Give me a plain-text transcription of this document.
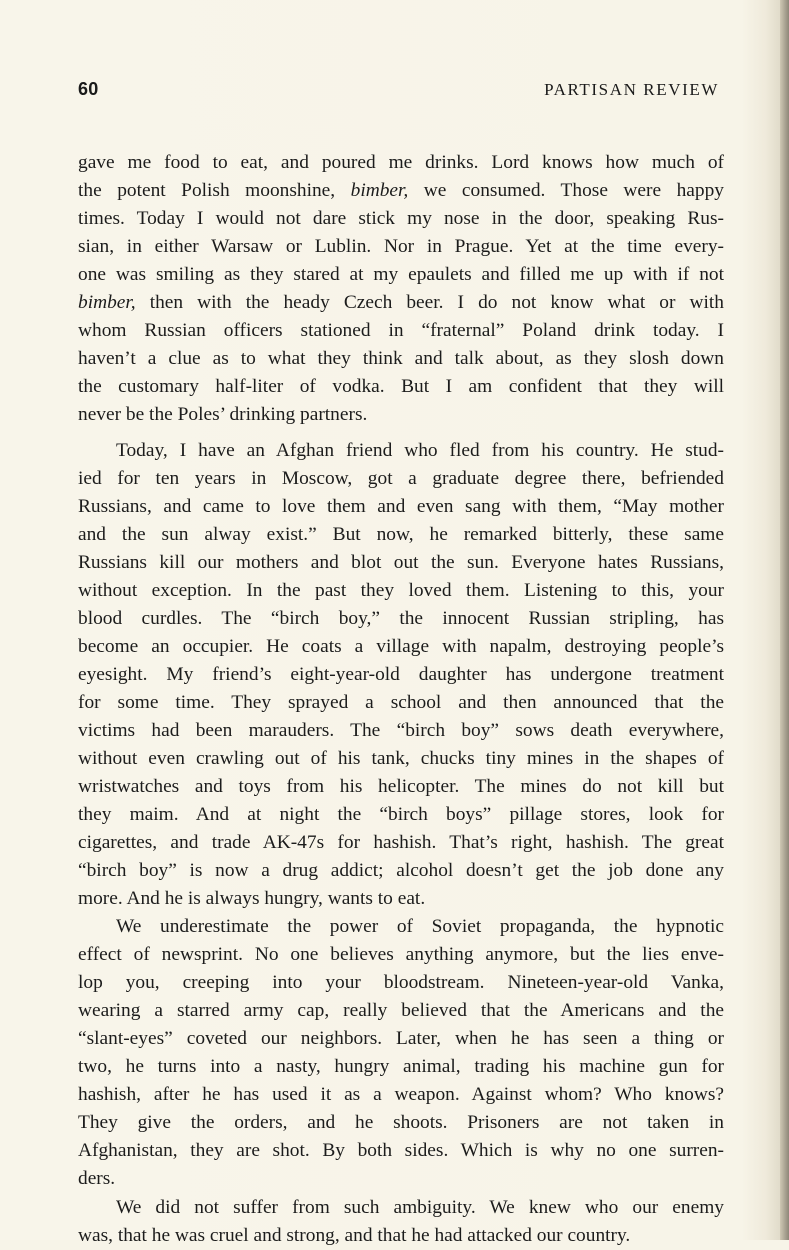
60	PARTISAN REVIEW
gave me food to eat, and poured me drinks. Lord knows how much of
the potent Polish moonshine, bimber, we consumed. Those were happy
times. Today I would not dare stick my nose in the door, speaking Rus-
sian, in either Warsaw or Lublin. Nor in Prague. Yet at the time every-
one was smiling as they stared at my epaulets and filled me up with if not
bimber, then with the heady Czech beer. I do not know what or with
whom Russian officers stationed in “fraternal” Poland drink today. I
haven’t a clue as to what they think and talk about, as they slosh down
the customary half-liter of vodka. But I am confident that they will
never be the Poles’ drinking partners.
Today, I have an Afghan friend who fled from his country. He stud-
ied for ten years in Moscow, got a graduate degree there, befriended
Russians, and came to love them and even sang with them, “May mother
and the sun alway exist.” But now, he remarked bitterly, these same
Russians kill our mothers and blot out the sun. Everyone hates Russians,
without exception. In the past they loved them. Listening to this, your
blood curdles. The “birch boy,” the innocent Russian stripling, has
become an occupier. He coats a village with napalm, destroying people’s
eyesight. My friend’s eight-year-old daughter has undergone treatment
for some time. They sprayed a school and then announced that the
victims had been marauders. The “birch boy” sows death everywhere,
without even crawling out of his tank, chucks tiny mines in the shapes of
wristwatches and toys from his helicopter. The mines do not kill but
they maim. And at night the “birch boys” pillage stores, look for
cigarettes, and trade AK-47s for hashish. That’s right, hashish. The great
“birch boy” is now a drug addict; alcohol doesn’t get the job done any
more. And he is always hungry, wants to eat.
We underestimate the power of Soviet propaganda, the hypnotic
effect of newsprint. No one believes anything anymore, but the lies enve-
lop you, creeping into your bloodstream. Nineteen-year-old Vanka,
wearing a starred army cap, really believed that the Americans and the
“slant-eyes” coveted our neighbors. Later, when he has seen a thing or
two, he turns into a nasty, hungry animal, trading his machine gun for
hashish, after he has used it as a weapon. Against whom? Who knows?
They give the orders, and he shoots. Prisoners are not taken in
Afghanistan, they are shot. By both sides. Which is why no one surren-
ders.
We did not suffer from such ambiguity. We knew who our enemy
was, that he was cruel and strong, and that he had attacked our country.
